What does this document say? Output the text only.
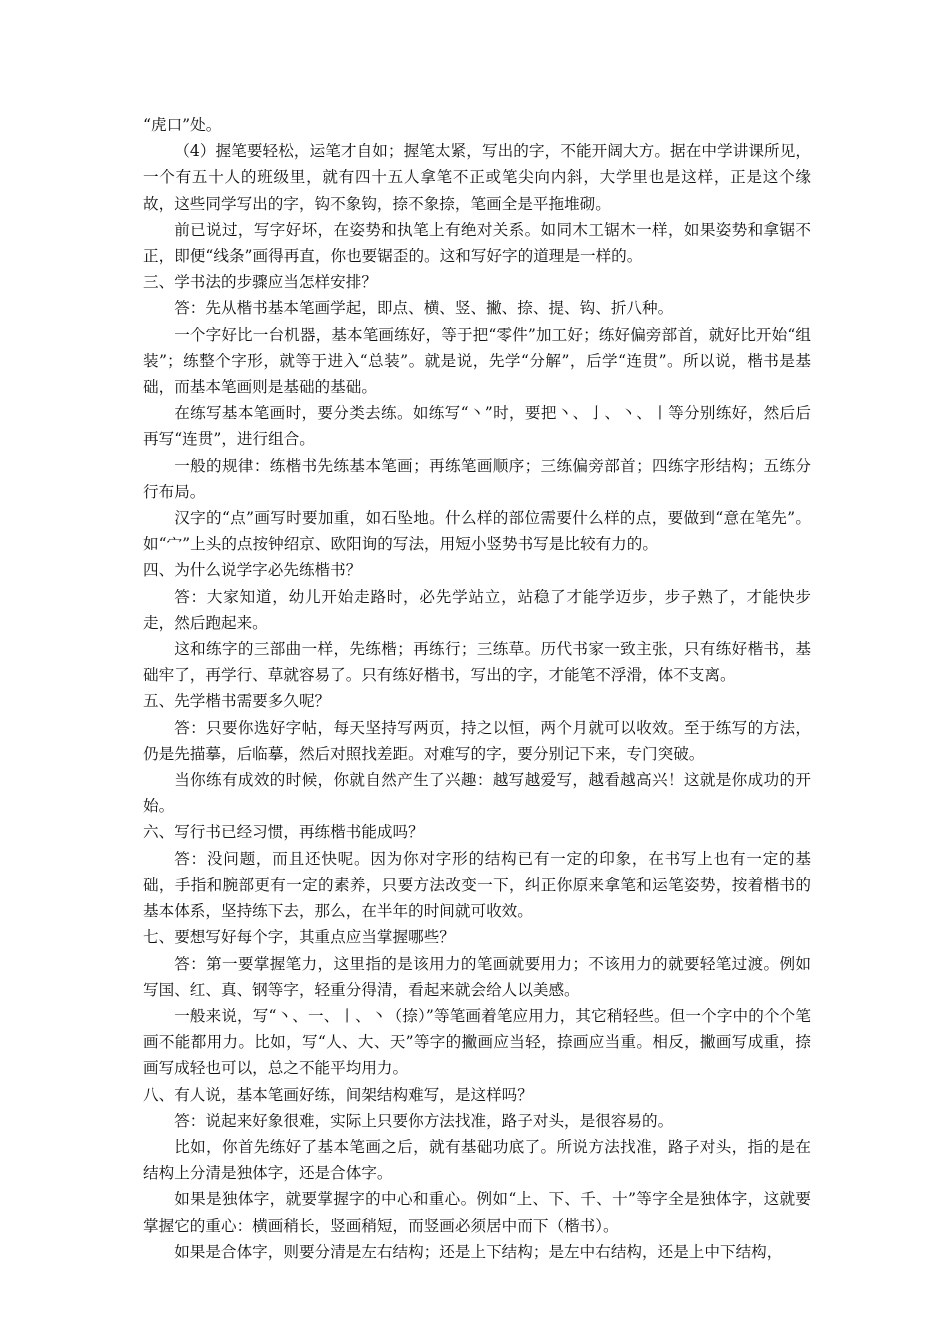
“虎口”处。

（4）握笔要轻松，运笔才自如；握笔太紧，写出的字，不能开阔大方。据在中学讲课所见，一个有五十人的班级里，就有四十五人拿笔不正或笔尖向内斜，大学里也是这样，正是这个缘故，这些同学写出的字，钩不象钩，捺不象捺，笔画全是平拖堆砌。

前已说过，写字好坏，在姿势和执笔上有绝对关系。如同木工锯木一样，如果姿势和拿锯不正，即便“线条”画得再直，你也要锯歪的。这和写好字的道理是一样的。

三、学书法的步骤应当怎样安排？

答：先从楷书基本笔画学起，即点、横、竖、撇、捺、提、钩、折八种。

一个字好比一台机器，基本笔画练好，等于把“零件”加工好；练好偏旁部首，就好比开始“组装”；练整个字形，就等于进入“总装”。就是说，先学“分解”，后学“连贯”。所以说，楷书是基础，而基本笔画则是基础的基础。

在练写基本笔画时，要分类去练。如练写“丶”时，要把丶、亅、丶、丨等分别练好，然后后再写“连贯”，进行组合。

一般的规律：练楷书先练基本笔画；再练笔画顺序；三练偏旁部首；四练字形结构；五练分行布局。

汉字的“点”画写时要加重，如石坠地。什么样的部位需要什么样的点，要做到“意在笔先”。如“宀”上头的点按钟绍京、欧阳询的写法，用短小竖势书写是比较有力的。

四、为什么说学字必先练楷书？

答：大家知道，幼儿开始走路时，必先学站立，站稳了才能学迈步，步子熟了，才能快步走，然后跑起来。

这和练字的三部曲一样，先练楷；再练行；三练草。历代书家一致主张，只有练好楷书，基础牢了，再学行、草就容易了。只有练好楷书，写出的字，才能笔不浮滑，体不支离。

五、先学楷书需要多久呢？

答：只要你选好字帖，每天坚持写两页，持之以恒，两个月就可以收效。至于练写的方法，仍是先描摹，后临摹，然后对照找差距。对难写的字，要分别记下来，专门突破。

当你练有成效的时候，你就自然产生了兴趣：越写越爱写，越看越高兴！这就是你成功的开始。

六、写行书已经习惯，再练楷书能成吗？

答：没问题，而且还快呢。因为你对字形的结构已有一定的印象，在书写上也有一定的基础，手指和腕部更有一定的素养，只要方法改变一下，纠正你原来拿笔和运笔姿势，按着楷书的基本体系，坚持练下去，那么，在半年的时间就可收效。

七、要想写好每个字，其重点应当掌握哪些？

答：第一要掌握笔力，这里指的是该用力的笔画就要用力；不该用力的就要轻笔过渡。例如写国、红、真、钢等字，轻重分得清，看起来就会给人以美感。

一般来说，写“丶、一、丨、丶（捺）”等笔画着笔应用力，其它稍轻些。但一个字中的个个笔画不能都用力。比如，写“人、大、天”等字的撇画应当轻，捺画应当重。相反，撇画写成重，捺画写成轻也可以，总之不能平均用力。

八、有人说，基本笔画好练，间架结构难写，是这样吗？

答：说起来好象很难，实际上只要你方法找准，路子对头，是很容易的。

比如，你首先练好了基本笔画之后，就有基础功底了。所说方法找准，路子对头，指的是在结构上分清是独体字，还是合体字。

如果是独体字，就要掌握字的中心和重心。例如“上、下、千、十”等字全是独体字，这就要掌握它的重心：横画稍长，竖画稍短，而竖画必须居中而下（楷书）。

如果是合体字，则要分清是左右结构；还是上下结构；是左中右结构，还是上中下结构，
